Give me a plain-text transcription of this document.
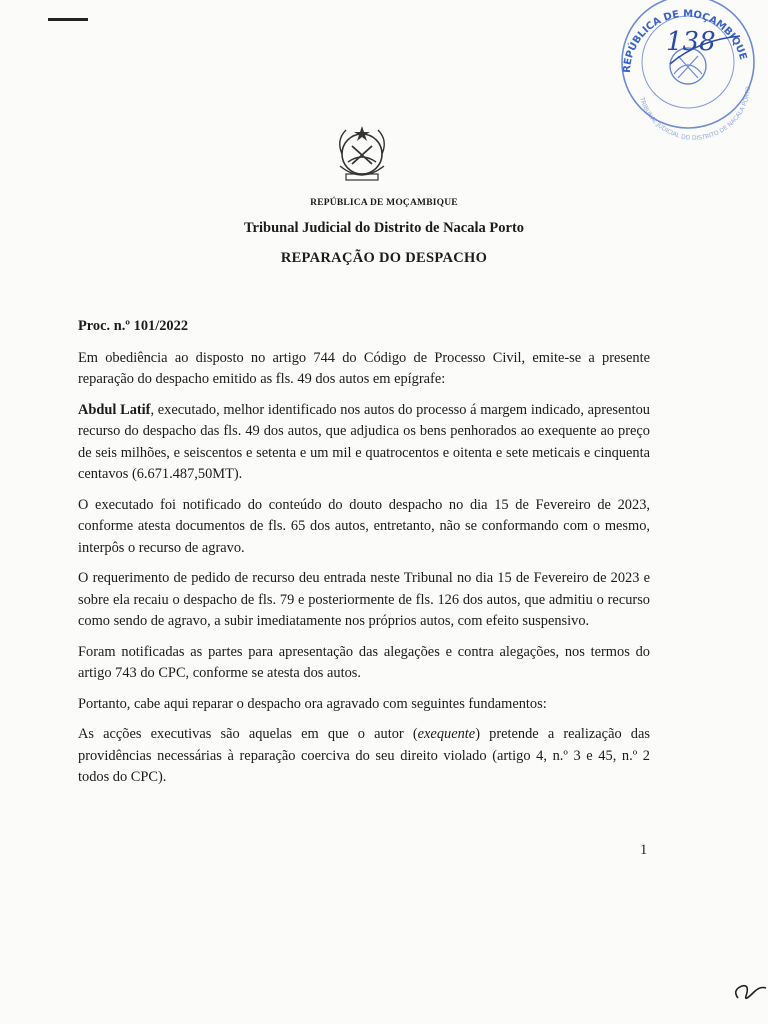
REPÚBLICA DE MOÇAMBIQUE
TRIBUNAL JUDICIAL DO DISTRITO DE NACALA PORTO
138
REPÚBLICA DE MOÇAMBIQUE
Tribunal Judicial do Distrito de Nacala Porto
REPARAÇÃO DO DESPACHO

Proc. n.º 101/2022

Em obediência ao disposto no artigo 744 do Código de Processo Civil, emite-se a presente reparação do despacho emitido as fls. 49 dos autos em epígrafe:

Abdul Latif, executado, melhor identificado nos autos do processo á margem indicado, apresentou recurso do despacho das fls. 49 dos autos, que adjudica os bens penhorados ao exequente ao preço de seis milhões, e seiscentos e setenta e um mil e quatrocentos e oitenta e sete meticais e cinquenta centavos (6.671.487,50MT).

O executado foi notificado do conteúdo do douto despacho no dia 15 de Fevereiro de 2023, conforme atesta documentos de fls. 65 dos autos, entretanto, não se conformando com o mesmo, interpôs o recurso de agravo.

O requerimento de pedido de recurso deu entrada neste Tribunal no dia 15 de Fevereiro de 2023 e sobre ela recaiu o despacho de fls. 79 e posteriormente de fls. 126 dos autos, que admitiu o recurso como sendo de agravo, a subir imediatamente nos próprios autos, com efeito suspensivo.

Foram notificadas as partes para apresentação das alegações e contra alegações, nos termos do artigo 743 do CPC, conforme se atesta dos autos.

Portanto, cabe aqui reparar o despacho ora agravado com seguintes fundamentos:

As acções executivas são aquelas em que o autor (exequente) pretende a realização das providências necessárias à reparação coerciva do seu direito violado (artigo 4, n.º 3 e 45, n.º 2 todos do CPC).

1
